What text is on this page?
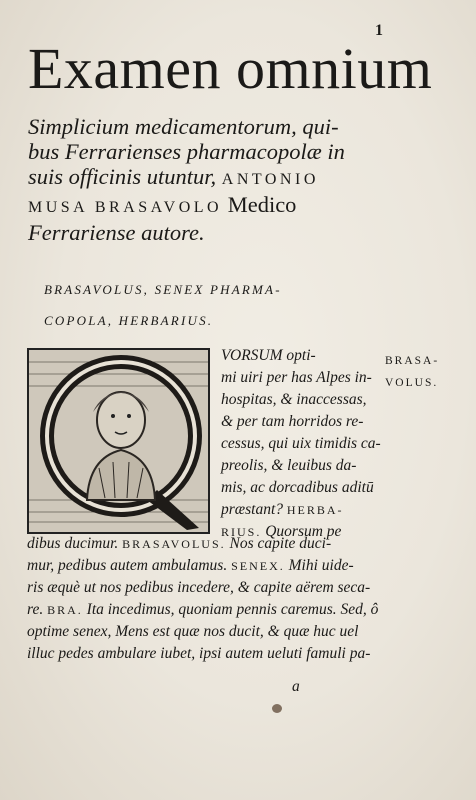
1
Examen omnium
Simplicium medicamentorum, qui-
bus Ferrarienses pharmacopolæ in
suis officinis utuntur, ANTONIO
MUSA BRASAVOLO Medico
Ferrariense autore.
BRASAVOLUS, SENEX PHARMA-
COPOLA, HERBARIUS.
VORSUM opti-
mi uiri per has Alpes in-
hospitas, & inaccessas,
& per tam horridos re-
cessus, qui uix timidis ca-
preolis, & leuibus da-
mis, ac dorcadibus aditū
præstant? HERBA-
RIUS. Quorsum pe
dibus ducimur. BRASAVOLUS. Nos capite duci-
mur, pedibus autem ambulamus. SENEX. Mihi uide-
ris æquè ut nos pedibus incedere, & capite aërem seca-
re. BRA. Ita incedimus, quoniam pennis caremus. Sed, ô
optime senex, Mens est quæ nos ducit, & quæ huc uel
illuc pedes ambulare iubet, ipsi autem ueluti famuli pa-
BRASA-
VOLUS.
a
